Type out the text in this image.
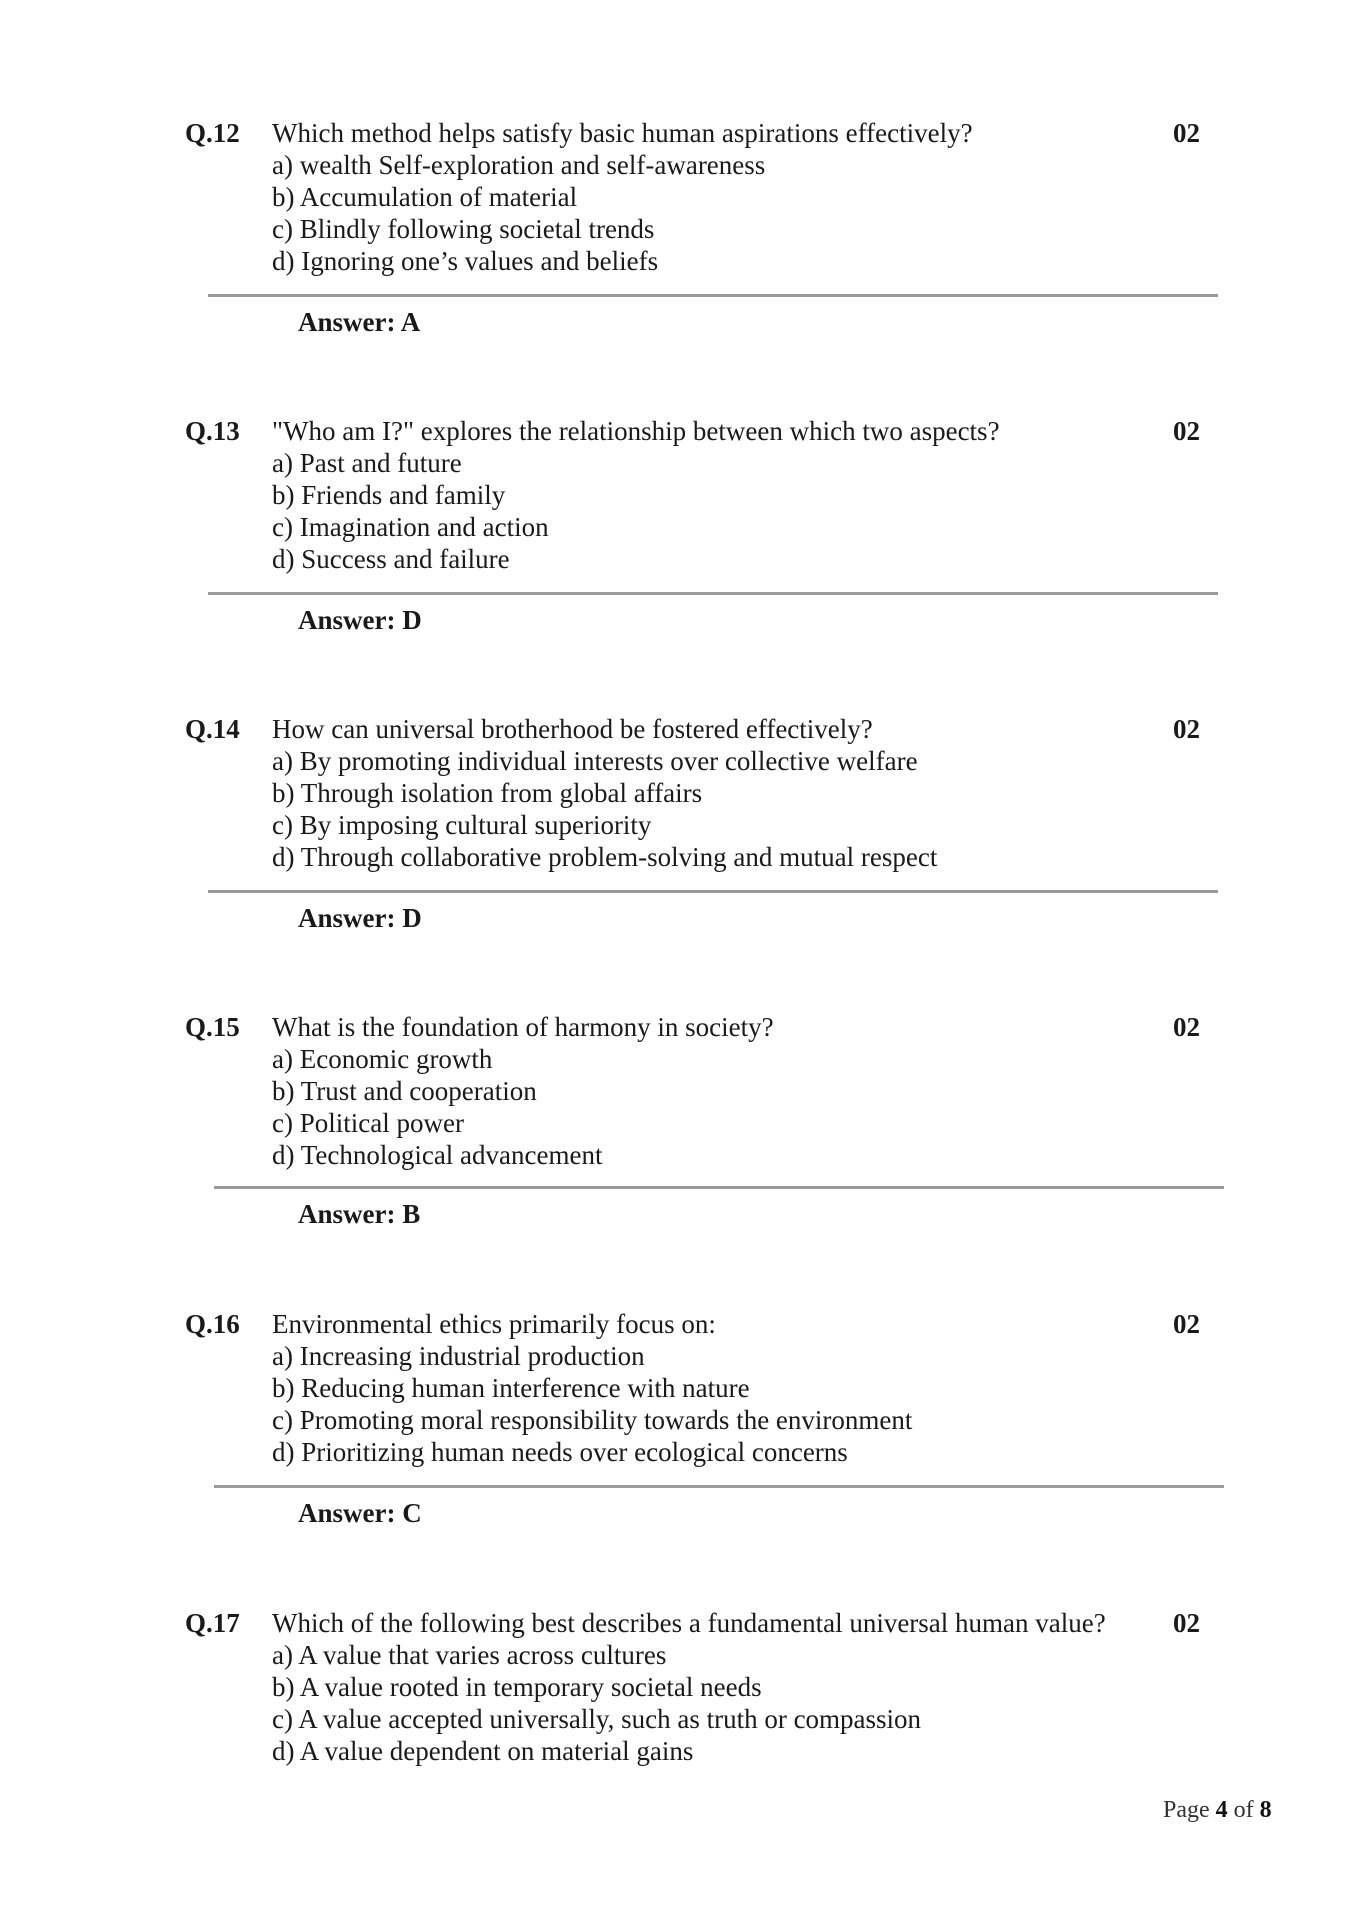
Q.12 Which method helps satisfy basic human aspirations effectively?	02
a) wealth Self-exploration and self-awareness
b) Accumulation of material
c) Blindly following societal trends
d) Ignoring one’s values and beliefs
Answer: A
Q.13 "Who am I?" explores the relationship between which two aspects?	02
a) Past and future
b) Friends and family
c) Imagination and action
d) Success and failure
Answer: D
Q.14 How can universal brotherhood be fostered effectively?	02
a) By promoting individual interests over collective welfare
b) Through isolation from global affairs
c) By imposing cultural superiority
d) Through collaborative problem-solving and mutual respect
Answer: D
Q.15 What is the foundation of harmony in society?	02
a) Economic growth
b) Trust and cooperation
c) Political power
d) Technological advancement
Answer: B
Q.16 Environmental ethics primarily focus on:	02
a) Increasing industrial production
b) Reducing human interference with nature
c) Promoting moral responsibility towards the environment
d) Prioritizing human needs over ecological concerns
Answer: C
Q.17 Which of the following best describes a fundamental universal human value? 02
a) A value that varies across cultures
b) A value rooted in temporary societal needs
c) A value accepted universally, such as truth or compassion
d) A value dependent on material gains
Page 4 of 8
